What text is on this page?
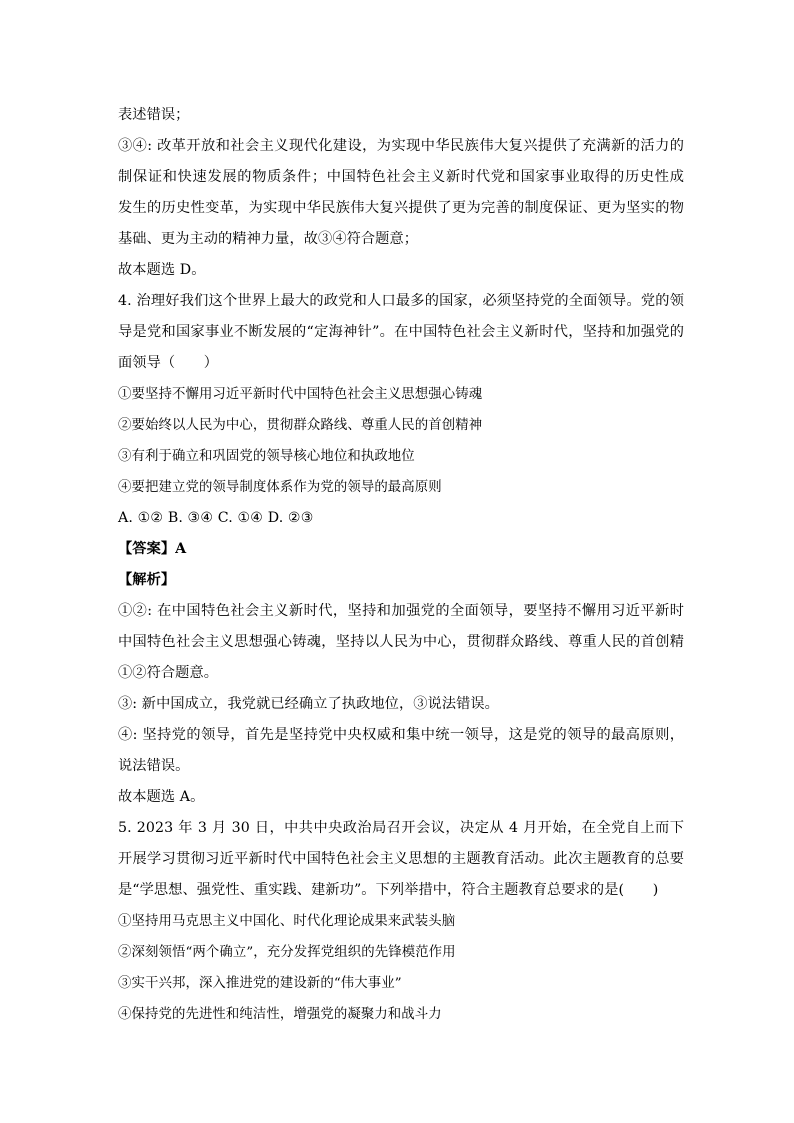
表述错误；
③④: 改革开放和社会主义现代化建设，为实现中华民族伟大复兴提供了充满新的活力的
制保证和快速发展的物质条件；中国特色社会主义新时代党和国家事业取得的历史性成
发生的历史性变革，为实现中华民族伟大复兴提供了更为完善的制度保证、更为坚实的物
基础、更为主动的精神力量，故③④符合题意；
故本题选 D。
4. 治理好我们这个世界上最大的政党和人口最多的国家，必须坚持党的全面领导。党的领
导是党和国家事业不断发展的“定海神针”。在中国特色社会主义新时代，坚持和加强党的
面领导（　　）
①要坚持不懈用习近平新时代中国特色社会主义思想强心铸魂
②要始终以人民为中心，贯彻群众路线、尊重人民的首创精神
③有利于确立和巩固党的领导核心地位和执政地位
④要把建立党的领导制度体系作为党的领导的最高原则
A. ①② B. ③④ C. ①④ D. ②③
【答案】A
【解析】
①②: 在中国特色社会主义新时代，坚持和加强党的全面领导，要坚持不懈用习近平新时
中国特色社会主义思想强心铸魂，坚持以人民为中心，贯彻群众路线、尊重人民的首创精
①②符合题意。
③: 新中国成立，我党就已经确立了执政地位，③说法错误。
④: 坚持党的领导，首先是坚持党中央权威和集中统一领导，这是党的领导的最高原则，
说法错误。
故本题选 A。
5. 2023 年 3 月 30 日，中共中央政治局召开会议，决定从 4 月开始，在全党自上而下
开展学习贯彻习近平新时代中国特色社会主义思想的主题教育活动。此次主题教育的总要
是“学思想、强党性、重实践、建新功”。下列举措中，符合主题教育总要求的是(　　)
①坚持用马克思主义中国化、时代化理论成果来武装头脑
②深刻领悟“两个确立”，充分发挥党组织的先锋模范作用
③实干兴邦，深入推进党的建设新的“伟大事业”
④保持党的先进性和纯洁性，增强党的凝聚力和战斗力
